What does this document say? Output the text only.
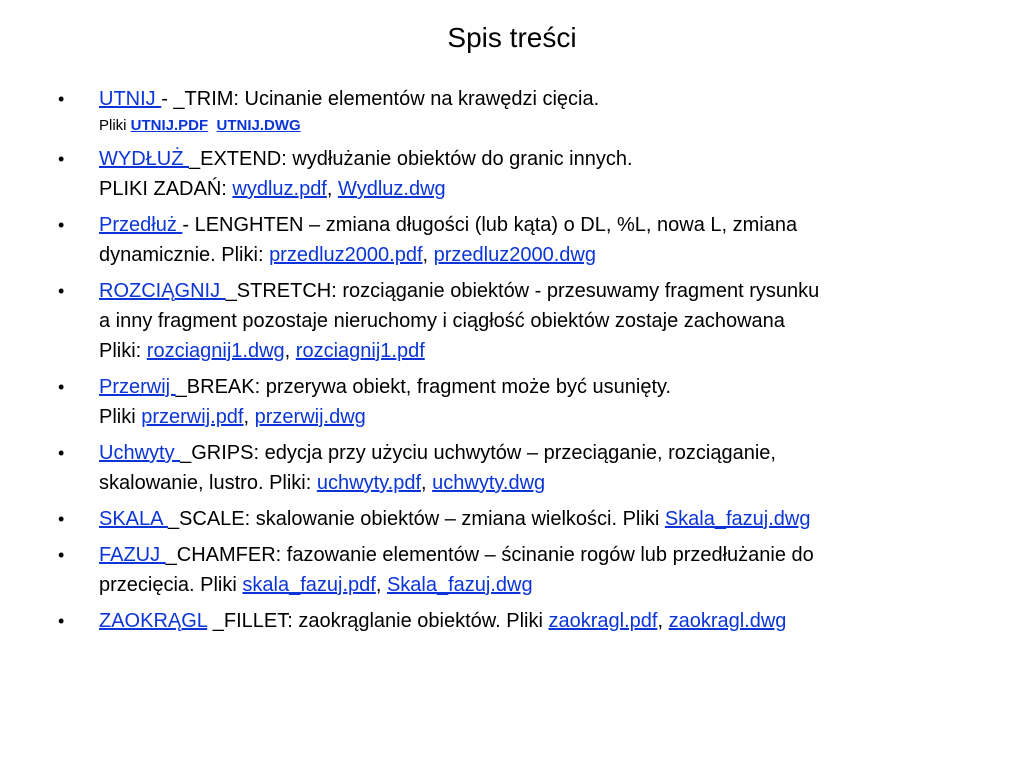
Spis treści
•	UTNIJ - _TRIM: Ucinanie elementów na krawędzi cięcia.
Pliki UTNIJ.PDF UTNIJ.DWG
•	WYDŁUŻ _EXTEND: wydłużanie obiektów do granic innych.
PLIKI ZADAŃ: wydluz.pdf, Wydluz.dwg
•	Przedłuż - LENGHTEN – zmiana długości (lub kąta) o DL, %L, nowa L, zmiana
dynamicznie. Pliki: przedluz2000.pdf, przedluz2000.dwg
•	ROZCIĄGNIJ _STRETCH: rozciąganie obiektów - przesuwamy fragment rysunku
a inny fragment pozostaje nieruchomy i ciągłość obiektów zostaje zachowana
Pliki: rozciagnij1.dwg, rozciagnij1.pdf
•	Przerwij _BREAK: przerywa obiekt, fragment może być usunięty.
Pliki przerwij.pdf, przerwij.dwg
•	Uchwyty _GRIPS: edycja przy użyciu uchwytów – przeciąganie, rozciąganie,
skalowanie, lustro. Pliki: uchwyty.pdf, uchwyty.dwg
•	SKALA _SCALE: skalowanie obiektów – zmiana wielkości. Pliki Skala_fazuj.dwg
•	FAZUJ _CHAMFER: fazowanie elementów – ścinanie rogów lub przedłużanie do
przecięcia. Pliki skala_fazuj.pdf, Skala_fazuj.dwg
•	ZAOKRĄGL _FILLET: zaokrąglanie obiektów. Pliki zaokragl.pdf, zaokragl.dwg
